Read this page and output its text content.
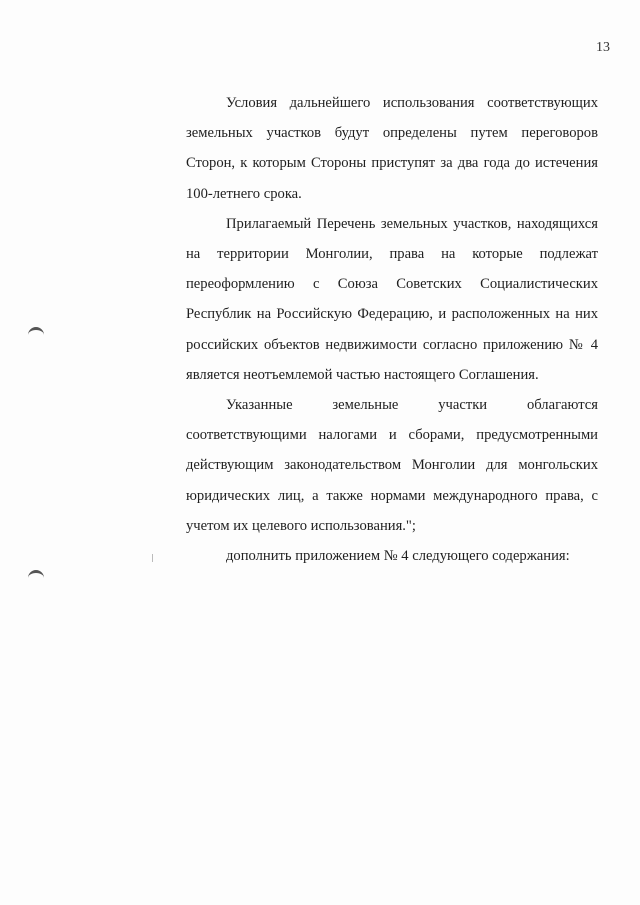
13

Условия дальнейшего использования соответствующих земельных участков будут определены путем переговоров Сторон, к которым Стороны приступят за два года до истечения 100-летнего срока.

Прилагаемый Перечень земельных участков, находящихся на территории Монголии, права на которые подлежат переоформлению с Союза Советских Социалистических Республик на Российскую Федерацию, и расположенных на них российских объектов недвижимости согласно приложению № 4 является неотъемлемой частью настоящего Соглашения.

Указанные земельные участки облагаются соответствующими налогами и сборами, предусмотренными действующим законодательством Монголии для монгольских юридических лиц, а также нормами международного права, с учетом их целевого использования.";

дополнить приложением № 4 следующего содержания:
